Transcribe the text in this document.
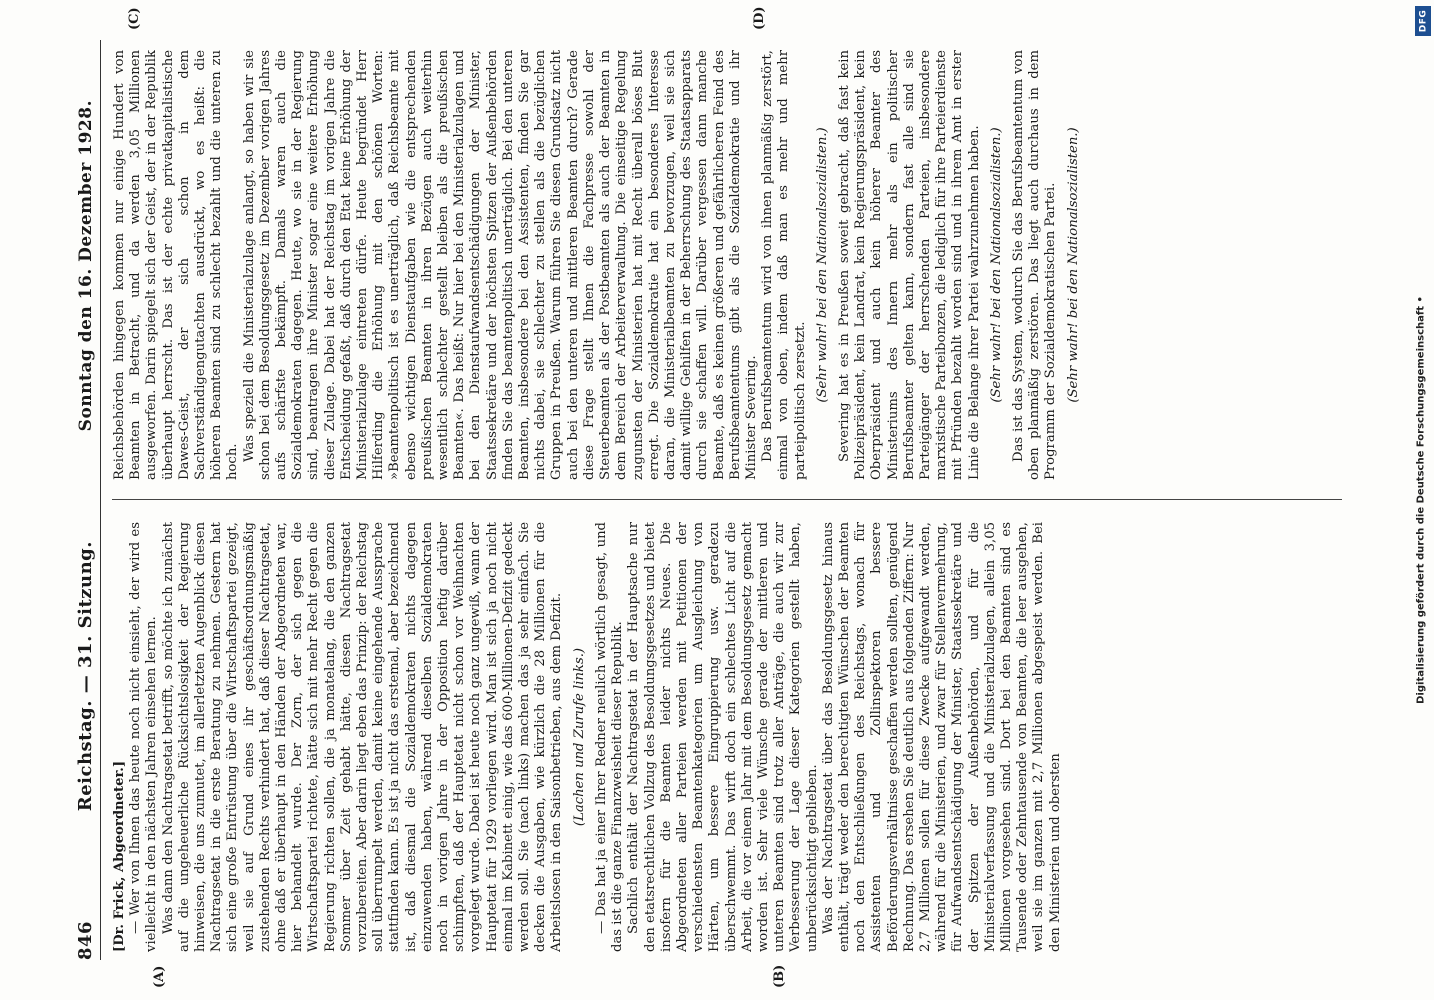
846
Reichstag. — 31. Sitzung.
Sonntag den 16. Dezember 1928.

[Dr. Frick, Abgeordneter.] — Wer von Ihnen das heute noch nicht einsieht, der wird es vielleicht in den nächsten Jahren einsehen lernen. Was dann den Nachtragsetat betrifft, so möchte ich zunächst auf die ungeheuerliche Rücksichtslosigkeit der Regierung hinweisen, die uns zumutet, im allerletzten Augenblick diesen Nachtragsetat in die erste Beratung zu nehmen. Gestern hat sich eine große Entrüstung über die Wirtschaftspartei gezeigt, weil sie auf Grund eines ihr geschäftsordnungsmäßig zustehenden Rechts verhindert hat, daß dieser Nachtragsetat, ohne daß er überhaupt in den Händen der Abgeordneten war, hier behandelt wurde. Der Zorn, der sich gegen die Wirtschaftspartei richtete, hätte sich mit mehr Recht gegen die Regierung richten sollen, die ja monatelang, die den ganzen Sommer über Zeit gehabt hätte, diesen Nachtragsetat vorzubereiten. Aber darin liegt eben das Prinzip: der Reichstag soll überrumpelt werden, damit keine eingehende Aussprache stattfinden kann. Es ist ja nicht das erstemal, aber bezeichnend ist, daß diesmal die Sozialdemokraten nichts dagegen einzuwenden haben, während dieselben Sozialdemokraten noch in vorigen Jahre in der Opposition heftig darüber schimpften, daß der Hauptetat nicht schon vor Weihnachten vorgelegt wurde. Dabei ist heute noch ganz ungewiß, wann der Hauptetat für 1929 vorliegen wird. Man ist sich ja noch nicht einmal im Kabinett einig, wie das 600-Millionen-Defizit gedeckt werden soll. Sie (nach links) machen das ja sehr einfach. Sie decken die Ausgaben, wie kürzlich die 28 Millionen für die Arbeitslosen in den Saisonbetrieben, aus dem Defizit. (Lachen und Zurufe links.) — Das hat ja einer Ihrer Redner neulich wörtlich gesagt, und das ist die ganze Finanzweisheit dieser Republik. Sachlich enthält der Nachtragsetat in der Hauptsache nur den etatsrechtlichen Vollzug des Besoldungsgesetzes und bietet insofern für die Beamten leider nichts Neues. Die Abgeordneten aller Parteien werden mit Petitionen der verschiedensten Beamtenkategorien um Ausgleichung von Härten, um bessere Eingruppierung usw. geradezu überschwemmt. Das wirft doch ein schlechtes Licht auf die Arbeit, die vor einem Jahr mit dem Besoldungsgesetz gemacht worden ist. Sehr viele Wünsche gerade der mittleren und unteren Beamten sind trotz aller Anträge, die auch wir zur Verbesserung der Lage dieser Kategorien gestellt haben, unberücksichtigt geblieben. Was der Nachtragsetat über das Besoldungsgesetz hinaus enthält, trägt weder den berechtigten Wünschen der Beamten noch den Entschließungen des Reichstags, wonach für Assistenten und Zollinspektoren bessere Beförderungsverhältnisse geschaffen werden sollten, genügend Rechnung. Das ersehen Sie deutlich aus folgenden Ziffern: Nur 2,7 Millionen sollen für diese Zwecke aufgewandt werden, während für die Ministerien, und zwar für Stellenvermehrung, für Aufwandsentschädigung der Minister, Staatssekretäre und der Spitzen der Außenbehörden, und für die Ministerialverfassung und die Ministerialzulagen, allein 3,05 Millionen vorgesehen sind. Dort bei den Beamten sind es Tausende oder Zehntausende von Beamten, die leer ausgehen, weil sie im ganzen mit 2,7 Millionen abgespeist werden. Bei den Ministerien und obersten

Reichsbehörden hingegen kommen nur einige Hundert von Beamten in Betracht, und da werden 3,05 Millionen ausgeworfen. Darin spiegelt sich der Geist, der in der Republik überhaupt herrscht. Das ist der echte privatkapitalistische Dawes-Geist, der sich schon in dem Sachverständigengutachten ausdrückt, wo es heißt: die höheren Beamten sind zu schlecht bezahlt und die unteren zu hoch. Was speziell die Ministerialzulage anlangt, so haben wir sie schon bei dem Besoldungsgesetz im Dezember vorigen Jahres aufs schärfste bekämpft. Damals waren auch die Sozialdemokraten dagegen. Heute, wo sie in der Regierung sind, beantragen ihre Minister sogar eine weitere Erhöhung dieser Zulage. Dabei hat der Reichstag im vorigen Jahre die Entscheidung gefaßt, daß durch den Etat keine Erhöhung der Ministerialzulage eintreten dürfe. Heute begründet Herr Hilferding die Erhöhung mit den schönen Worten: »Beamtenpolitisch ist es unerträglich, daß Reichsbeamte mit ebenso wichtigen Dienstaufgaben wie die entsprechenden preußischen Beamten in ihren Bezügen auch weiterhin wesentlich schlechter gestellt bleiben als die preußischen Beamten«. Das heißt: Nur hier bei den Ministerialzulagen und bei den Dienstaufwandsentschädigungen der Minister, Staatssekretäre und der höchsten Spitzen der Außenbehörden finden Sie das beamtenpolitisch unerträglich. Bei den unteren Beamten, insbesondere bei den Assistenten, finden Sie gar nichts dabei, sie schlechter zu stellen als die bezüglichen Gruppen in Preußen. Warum führen Sie diesen Grundsatz nicht auch bei den unteren und mittleren Beamten durch? Gerade diese Frage stellt Ihnen die Fachpresse sowohl der Steuerbeamten als der Postbeamten als auch der Beamten in dem Bereich der Arbeiterverwaltung. Die einseitige Regelung zugunsten der Ministerien hat mit Recht überall böses Blut erregt. Die Sozialdemokratie hat ein besonderes Interesse daran, die Ministerialbeamten zu bevorzugen, weil sie sich damit willige Gehilfen in der Beherrschung des Staatsapparats durch sie schaffen will. Darüber vergessen dann manche Beamte, daß es keinen größeren und gefährlicheren Feind des Berufsbeamtentums gibt als die Sozialdemokratie und ihr Minister Severing. Das Berufsbeamtentum wird von ihnen planmäßig zerstört, einmal von oben, indem daß man es mehr und mehr parteipolitisch zersetzt. (Sehr wahr! bei den Nationalsozialisten.) Severing hat es in Preußen soweit gebracht, daß fast kein Polizeipräsident, kein Landrat, kein Regierungspräsident, kein Oberpräsident und auch kein höherer Beamter des Ministeriums des Innern mehr als ein politischer Berufsbeamter gelten kann, sondern fast alle sind sie Parteigänger der herrschenden Parteien, insbesondere marxistische Parteibonzen, die lediglich für ihre Parteierdienste mit Pfründen bezahlt worden sind und in ihrem Amt in erster Linie die Belange ihrer Partei wahrzunehmen haben. (Sehr wahr! bei den Nationalsozialisten.) Das ist das System, wodurch Sie das Berufsbeamtentum von oben planmäßig zerstören. Das liegt auch durchaus in dem Programm der Sozialdemokratischen Partei. (Sehr wahr! bei den Nationalsozialisten.)

(A)	(B)
(C)	(D)
Digitalisierung gefördert durch die Deutsche Forschungsgemeinschaft •
DFG
